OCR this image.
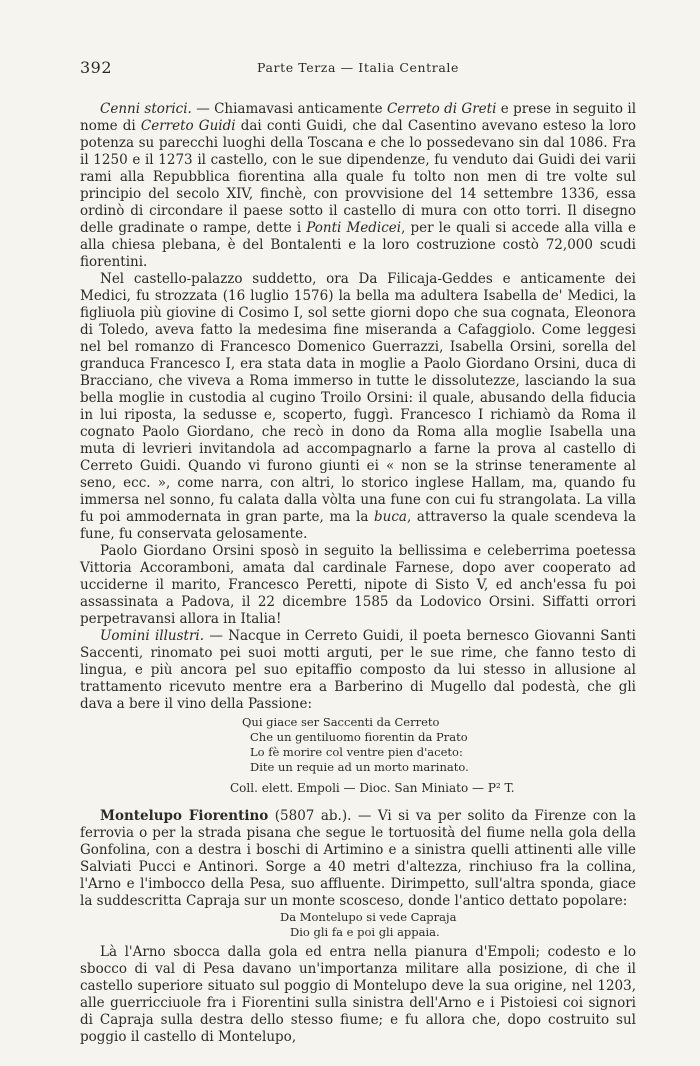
392	Parte Terza — Italia Centrale

Cenni storici. — Chiamavasi anticamente Cerreto di Greti e prese in seguito il nome di Cerreto Guidi dai conti Guidi, che dal Casentino avevano esteso la loro potenza su parecchi luoghi della Toscana e che lo possedevano sin dal 1086. Fra il 1250 e il 1273 il castello, con le sue dipendenze, fu venduto dai Guidi dei varii rami alla Repubblica fiorentina alla quale fu tolto non men di tre volte sul principio del secolo XIV, finchè, con provvisione del 14 settembre 1336, essa ordinò di circondare il paese sotto il castello di mura con otto torri. Il disegno delle gradinate o rampe, dette i Ponti Medicei, per le quali si accede alla villa e alla chiesa plebana, è del Bontalenti e la loro costruzione costò 72,000 scudi fiorentini.

Nel castello-palazzo suddetto, ora Da Filicaja-Geddes e anticamente dei Medici, fu strozzata (16 luglio 1576) la bella ma adultera Isabella de' Medici, la figliuola più giovine di Cosimo I, sol sette giorni dopo che sua cognata, Eleonora di Toledo, aveva fatto la medesima fine miseranda a Cafaggiolo. Come leggesi nel bel romanzo di Francesco Domenico Guerrazzi, Isabella Orsini, sorella del granduca Francesco I, era stata data in moglie a Paolo Giordano Orsini, duca di Bracciano, che viveva a Roma immerso in tutte le dissolutezze, lasciando la sua bella moglie in custodia al cugino Troilo Orsini: il quale, abusando della fiducia in lui riposta, la sedusse e, scoperto, fuggì. Francesco I richiamò da Roma il cognato Paolo Giordano, che recò in dono da Roma alla moglie Isabella una muta di levrieri invitandola ad accompagnarlo a farne la prova al castello di Cerreto Guidi. Quando vi furono giunti ei « non se la strinse teneramente al seno, ecc. », come narra, con altri, lo storico inglese Hallam, ma, quando fu immersa nel sonno, fu calata dalla vòlta una fune con cui fu strangolata. La villa fu poi ammodernata in gran parte, ma la buca, attraverso la quale scendeva la fune, fu conservata gelosamente.

Paolo Giordano Orsini sposò in seguito la bellissima e celeberrima poetessa Vittoria Accoramboni, amata dal cardinale Farnese, dopo aver cooperato ad ucciderne il marito, Francesco Peretti, nipote di Sisto V, ed anch'essa fu poi assassinata a Padova, il 22 dicembre 1585 da Lodovico Orsini. Siffatti orrori perpetravansi allora in Italia!

Uomini illustri. — Nacque in Cerreto Guidi, il poeta bernesco Giovanni Santi Saccenti, rinomato pei suoi motti arguti, per le sue rime, che fanno testo di lingua, e più ancora pel suo epitaffio composto da lui stesso in allusione al trattamento ricevuto mentre era a Barberino di Mugello dal podestà, che gli dava a bere il vino della Passione:

Qui giace ser Saccenti da Cerreto
Che un gentiluomo fiorentin da Prato
Lo fè morire col ventre pien d'aceto:
Dite un requie ad un morto marinato.
Coll. elett. Empoli — Dioc. San Miniato — P² T.

Montelupo Fiorentino (5807 ab.). — Vi si va per solito da Firenze con la ferrovia o per la strada pisana che segue le tortuosità del fiume nella gola della Gonfolina, con a destra i boschi di Artimino e a sinistra quelli attinenti alle ville Salviati Pucci e Antinori. Sorge a 40 metri d'altezza, rinchiuso fra la collina, l'Arno e l'imbocco della Pesa, suo affluente. Dirimpetto, sull'altra sponda, giace la suddescritta Capraja sur un monte scosceso, donde l'antico dettato popolare:

Da Montelupo si vede Capraja
Dio gli fa e poi gli appaia.

Là l'Arno sbocca dalla gola ed entra nella pianura d'Empoli; codesto e lo sbocco di val di Pesa davano un'importanza militare alla posizione, di che il castello superiore situato sul poggio di Montelupo deve la sua origine, nel 1203, alle guerricciuole fra i Fiorentini sulla sinistra dell'Arno e i Pistoiesi coi signori di Capraja sulla destra dello stesso fiume; e fu allora che, dopo costruito sul poggio il castello di Montelupo,
